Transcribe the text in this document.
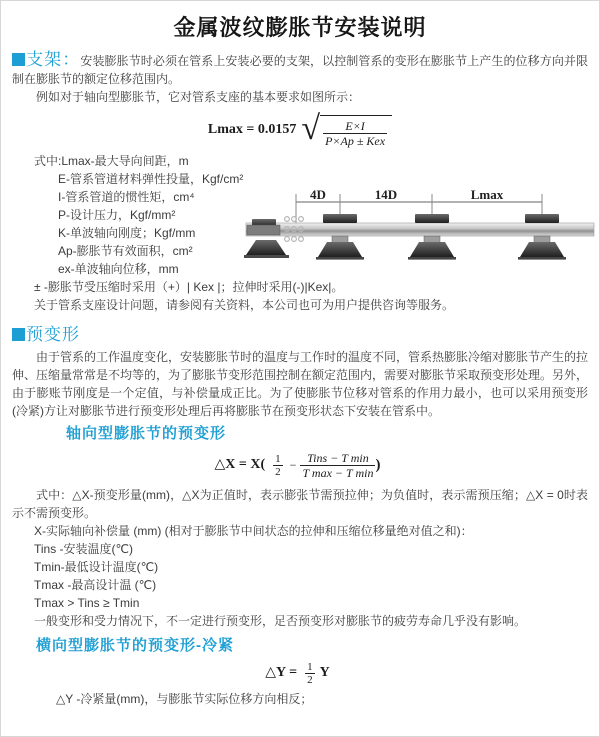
金属波纹膨胀节安装说明

支架：安装膨胀节时必须在管系上安装必要的支架，以控制管系的变形在膨胀节上产生的位移方向并限制在膨胀节的额定位移范围内。

例如对于轴向型膨胀节，它对管系支座的基本要求如图所示：

Lmax = 0.0157 √ $\frac{E\times I}{\text{P×Ap ± Kex}}$
式中:Lmax-最大导向间距，m
E-管系管道材料弹性投量，Kgf/cm²
I-管系管道的惯性矩，cm⁴
P-设计压力，Kgf/mm²
K-单波轴向刚度；Kgf/mm
Ap-膨胀节有效面积，cm²
ex-单波轴向位移，mm
± -膨胀节受压缩时采用（+）| Kex |；拉伸时采用(-)|Kex|。
关于管系支座设计问题，请参阅有关资料，本公司也可为用户提供咨询等服务。
4D	14D	Lmax
预变形

由于管系的工作温度变化，安装膨胀节时的温度与工作时的温度不同，管系热膨胀冷缩对膨胀节产生的拉伸、压缩量常常是不均等的，为了膨胀节变形范围控制在额定范围内，需要对膨胀节采取预变形处理。另外，由于膨账节刚度是一个定值，与补偿量成正比。为了使膨胀节位移对管系的作用力最小，也可以采用预变形(冷紧)方让对膨胀节进行预变形处理后再将膨胀节在预变形状态下安装在管系中。

轴向型膨胀节的预变形
△X = $X( \frac{1}{2} - \frac{\text{Tins − T min}}{\text{T max − T min}}$ )

式中：△X-预变形量(mm)，△X为正值时，表示膨张节需预拉伸；为负值时，表示需预压缩；△X = 0时表示不需预变形。

X-实际轴向补偿量 (mm) (相对于膨胀节中间状态的拉伸和压缩位移量绝对值之和)：
Tins -安装温度(℃)
Tmin-最低设计温度(℃)
Tmax -最高设计温 (℃)
Tmax > Tins ≥ Tmin
一般变形和受力情况下，不一定进行预变形，足否预变形对膨胀节的疲劳寿命几乎没有影响。
横向型膨胀节的预变形-冷紧
△Y = $\frac{1}{2}$ Y
△Y -冷紧量(mm)，与膨胀节实际位移方向相反；
